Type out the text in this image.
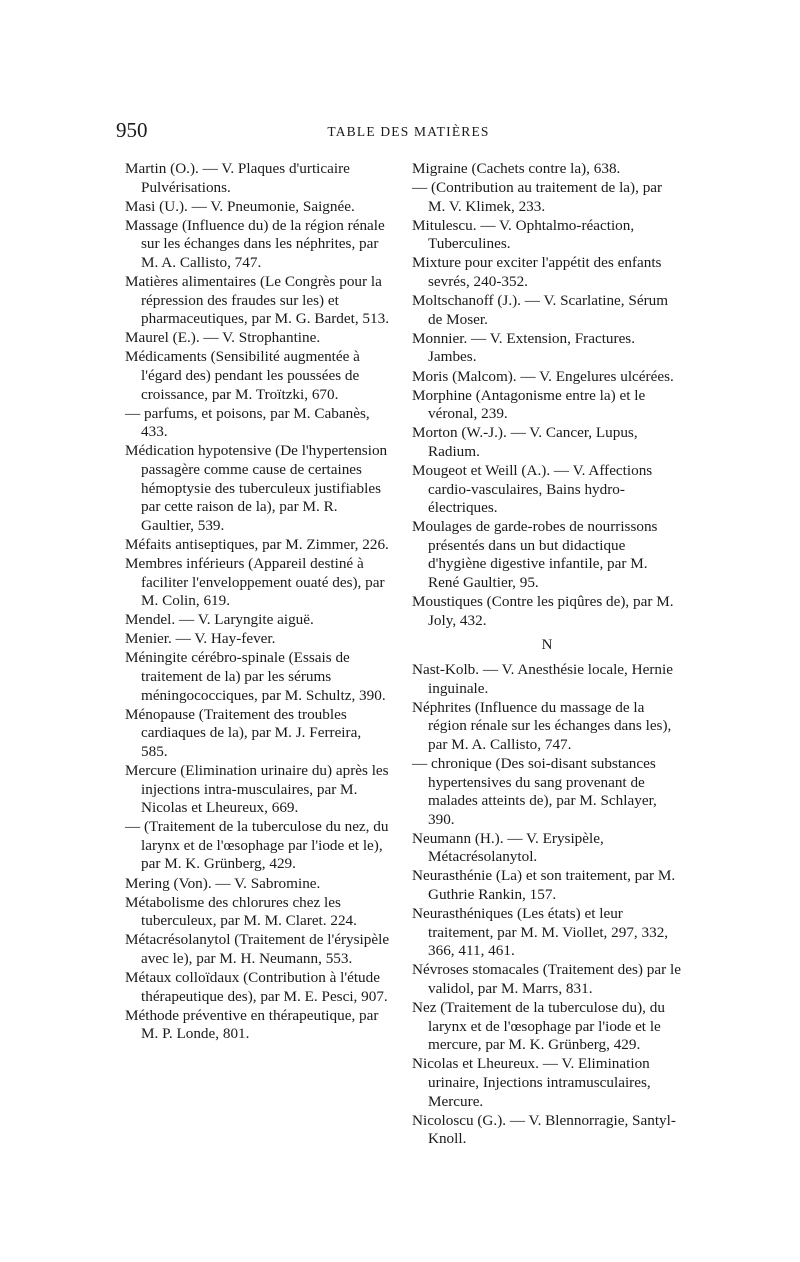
950	TABLE DES MATIÈRES

Martin (O.). — V. Plaques d'urticaire Pulvérisations.

Masi (U.). — V. Pneumonie, Saignée.

Massage (Influence du) de la région rénale sur les échanges dans les néphrites, par M. A. Callisto, 747.

Matières alimentaires (Le Congrès pour la répression des fraudes sur les) et pharmaceutiques, par M. G. Bardet, 513.

Maurel (E.). — V. Strophantine.

Médicaments (Sensibilité augmentée à l'égard des) pendant les poussées de croissance, par M. Troïtzki, 670.

— parfums, et poisons, par M. Cabanès, 433.

Médication hypotensive (De l'hypertension passagère comme cause de certaines hémoptysie des tuberculeux justifiables par cette raison de la), par M. R. Gaultier, 539.

Méfaits antiseptiques, par M. Zimmer, 226.

Membres inférieurs (Appareil destiné à faciliter l'enveloppement ouaté des), par M. Colin, 619.

Mendel. — V. Laryngite aiguë.

Menier. — V. Hay-fever.

Méningite cérébro-spinale (Essais de traitement de la) par les sérums méningococciques, par M. Schultz, 390.

Ménopause (Traitement des troubles cardiaques de la), par M. J. Ferreira, 585.

Mercure (Elimination urinaire du) après les injections intra-musculaires, par M. Nicolas et Lheureux, 669.

— (Traitement de la tuberculose du nez, du larynx et de l'œsophage par l'iode et le), par M. K. Grünberg, 429.

Mering (Von). — V. Sabromine.

Métabolisme des chlorures chez les tuberculeux, par M. M. Claret. 224.

Métacrésolanytol (Traitement de l'érysipèle avec le), par M. H. Neumann, 553.

Métaux colloïdaux (Contribution à l'étude thérapeutique des), par M. E. Pesci, 907.

Méthode préventive en thérapeutique, par M. P. Londe, 801.

Migraine (Cachets contre la), 638.

— (Contribution au traitement de la), par M. V. Klimek, 233.

Mitulescu. — V. Ophtalmo-réaction, Tuberculines.

Mixture pour exciter l'appétit des enfants sevrés, 240-352.

Moltschanoff (J.). — V. Scarlatine, Sérum de Moser.

Monnier. — V. Extension, Fractures. Jambes.

Moris (Malcom). — V. Engelures ulcérées.

Morphine (Antagonisme entre la) et le véronal, 239.

Morton (W.-J.). — V. Cancer, Lupus, Radium.

Mougeot et Weill (A.). — V. Affections cardio-vasculaires, Bains hydro-électriques.

Moulages de garde-robes de nourrissons présentés dans un but didactique d'hygiène digestive infantile, par M. René Gaultier, 95.

Moustiques (Contre les piqûres de), par M. Joly, 432.

N

Nast-Kolb. — V. Anesthésie locale, Hernie inguinale.

Néphrites (Influence du massage de la région rénale sur les échanges dans les), par M. A. Callisto, 747.

— chronique (Des soi-disant substances hypertensives du sang provenant de malades atteints de), par M. Schlayer, 390.

Neumann (H.). — V. Erysipèle, Métacrésolanytol.

Neurasthénie (La) et son traitement, par M. Guthrie Rankin, 157.

Neurasthéniques (Les états) et leur traitement, par M. M. Viollet, 297, 332, 366, 411, 461.

Névroses stomacales (Traitement des) par le validol, par M. Marrs, 831.

Nez (Traitement de la tuberculose du), du larynx et de l'œsophage par l'iode et le mercure, par M. K. Grünberg, 429.

Nicolas et Lheureux. — V. Elimination urinaire, Injections intramusculaires, Mercure.

Nicoloscu (G.). — V. Blennorragie, Santyl-Knoll.
